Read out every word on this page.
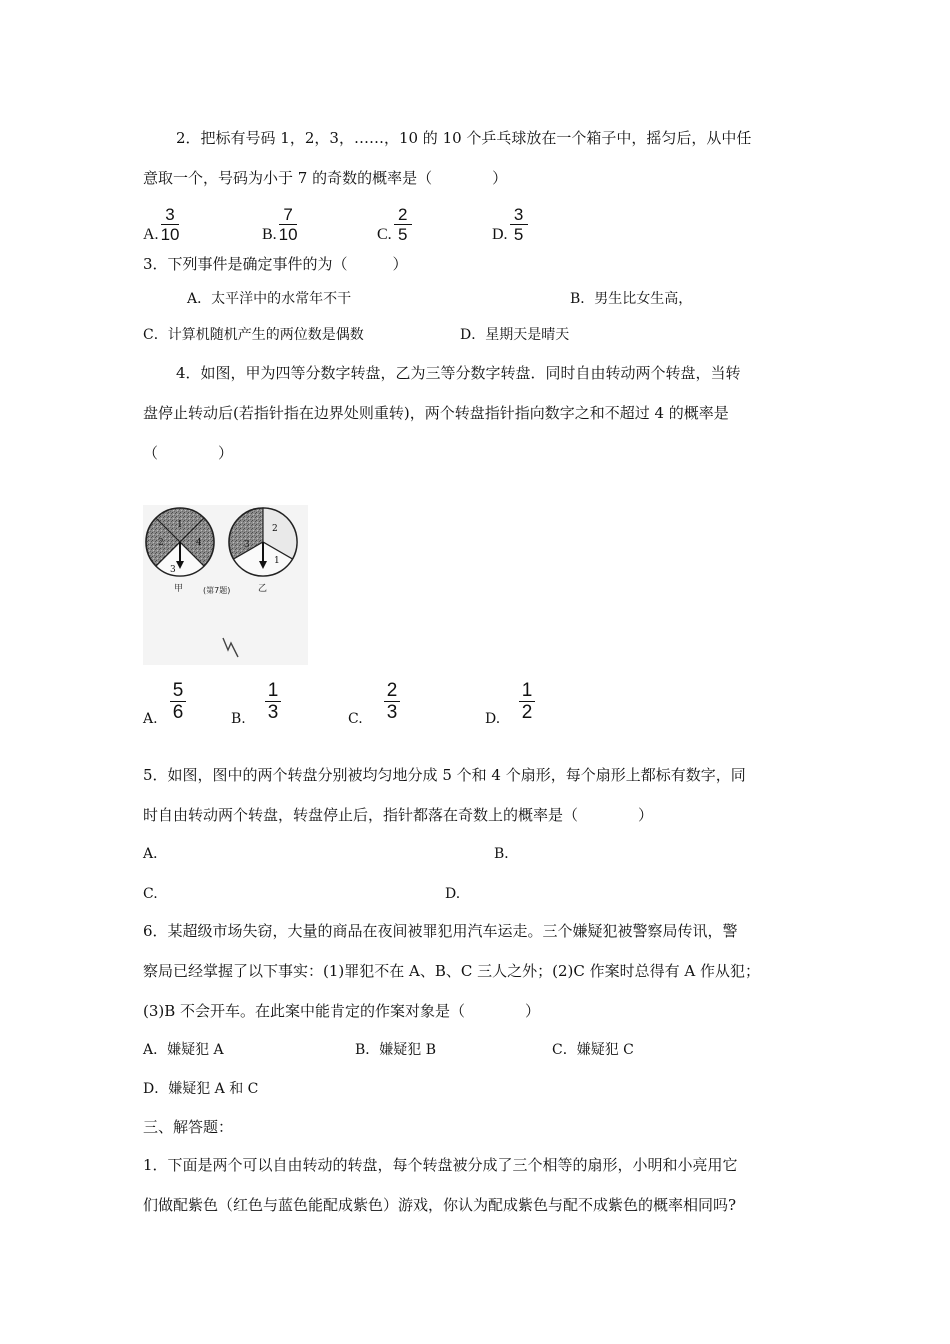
2．把标有号码 1，2，3，……，10 的 10 个乒乓球放在一个箱子中，摇匀后，从中任
意取一个，号码为小于 7 的奇数的概率是（　　　　）
A.
3
10	B.
7
10	C.
2
5	D.
3
5
3．下列事件是确定事件的为（　　　）
A．太平洋中的水常年不干	B．男生比女生高，
C．计算机随机产生的两位数是偶数	D．星期天是晴天
4．如图，甲为四等分数字转盘，乙为三等分数字转盘．同时自由转动两个转盘，当转
盘停止转动后(若指针指在边界处则重转)，两个转盘指针指向数字之和不超过 4 的概率是
（　　　　）
1
2
3
4
2
3
1
甲	乙
(第7题)
A.
5
6	B.
1
3	C.
2
3	D.
1
2
5．如图，图中的两个转盘分别被均匀地分成 5 个和 4 个扇形，每个扇形上都标有数字，同
时自由转动两个转盘，转盘停止后，指针都落在奇数上的概率是（　　　　）
A．	B．
C.	D.
6．某超级市场失窃，大量的商品在夜间被罪犯用汽车运走。三个嫌疑犯被警察局传讯，警
察局已经掌握了以下事实：(1)罪犯不在 A、B、C 三人之外；(2)C 作案时总得有 A 作从犯；
(3)B 不会开车。在此案中能肯定的作案对象是（　　　　）
A．嫌疑犯 A	B．嫌疑犯 B	C．嫌疑犯 C
D．嫌疑犯 A 和 C
三、解答题：
1．下面是两个可以自由转动的转盘，每个转盘被分成了三个相等的扇形，小明和小亮用它
们做配紫色（红色与蓝色能配成紫色）游戏，你认为配成紫色与配不成紫色的概率相同吗?
